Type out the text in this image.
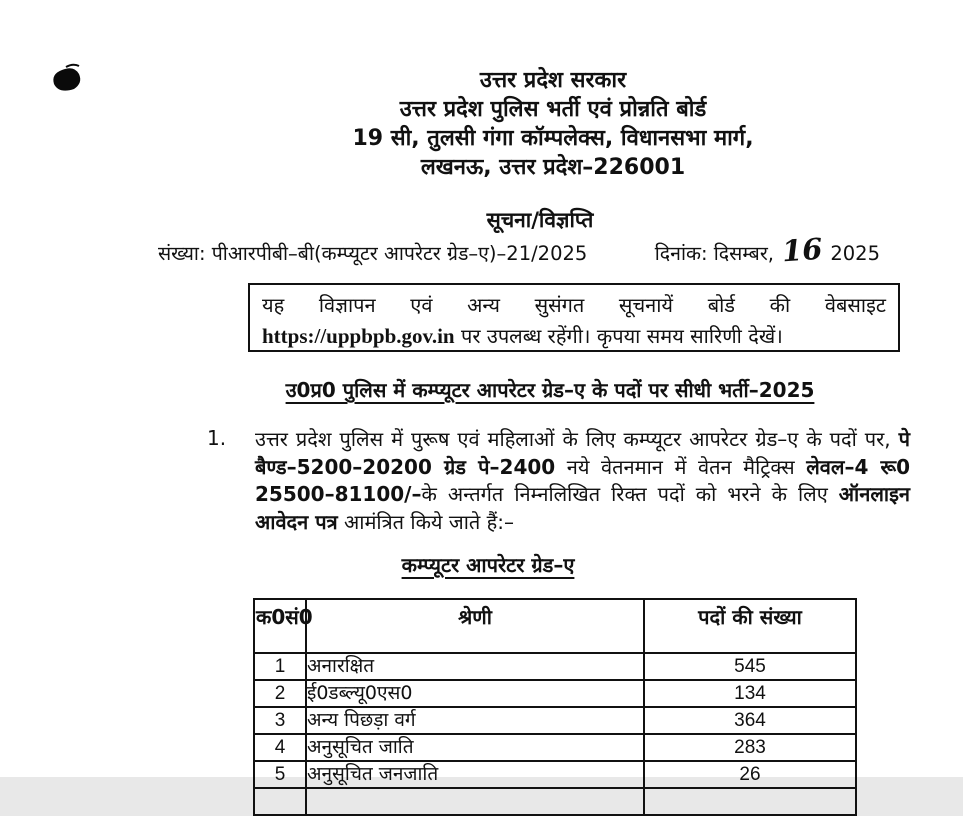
उत्तर प्रदेश सरकार
उत्तर प्रदेश पुलिस भर्ती एवं प्रोन्नति बोर्ड
19 सी, तुलसी गंगा कॉम्पलेक्स, विधानसभा मार्ग,
लखनऊ, उत्तर प्रदेश–226001
सूचना/विज्ञप्ति
संख्या: पीआरपीबी–बी(कम्प्यूटर आपरेटर ग्रेड–ए)–21/2025	दिनांक: दिसम्बर, 16 2025
यह विज्ञापन एवं अन्य सुसंगत सूचनायें बोर्ड की वेबसाइट
https://uppbpb.gov.in पर उपलब्ध रहेंगी। कृपया समय सारिणी देखें।
उ0प्र0 पुलिस में कम्प्यूटर आपरेटर ग्रेड–ए के पदों पर सीधी भर्ती–2025
1.	उत्तर प्रदेश पुलिस में पुरूष एवं महिलाओं के लिए कम्प्यूटर आपरेटर ग्रेड–ए के पदों पर, पे बैण्ड–5200–20200 ग्रेड पे–2400 नये वेतनमान में वेतन मैट्रिक्स लेवल–4 रू0 25500–81100/–के अन्तर्गत निम्नलिखित रिक्त पदों को भरने के लिए ऑनलाइन आवेदन पत्र आमंत्रित किये जाते हैं:–
कम्प्यूटर आपरेटर ग्रेड–ए
क0सं0	श्रेणी	पदों की संख्या
1	अनारक्षित	545
2	ई0डब्ल्यू0एस0	134
3	अन्य पिछड़ा वर्ग	364
4	अनुसूचित जाति	283
5	अनुसूचित जनजाति	26
